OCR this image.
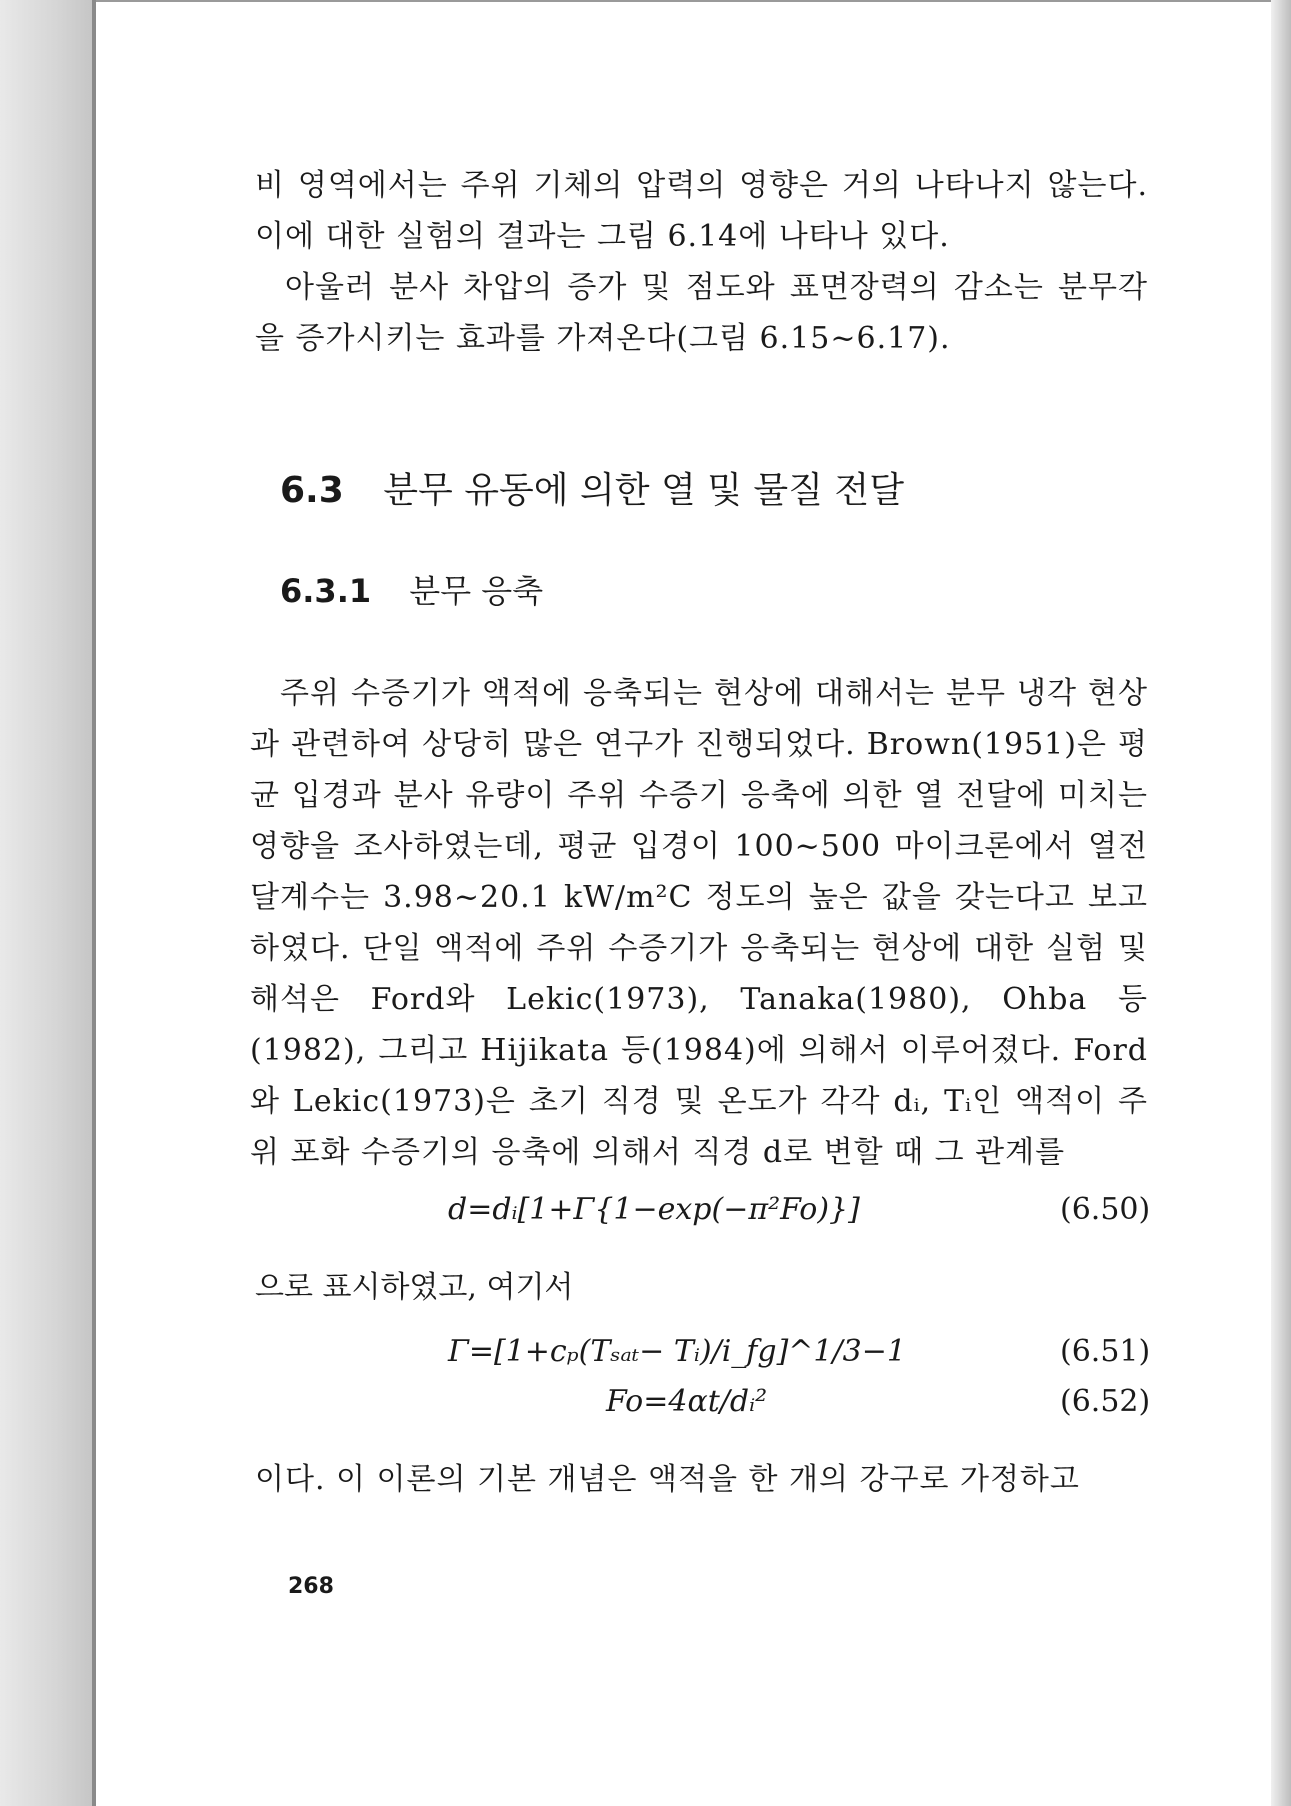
비 영역에서는 주위 기체의 압력의 영향은 거의 나타나지 않는다. 이에 대한 실험의 결과는 그림 6.14에 나타나 있다.

아울러 분사 차압의 증가 및 점도와 표면장력의 감소는 분무각을 증가시키는 효과를 가져온다(그림 6.15~6.17).

6.3 분무 유동에 의한 열 및 물질 전달
6.3.1 분무 응축

주위 수증기가 액적에 응축되는 현상에 대해서는 분무 냉각 현상과 관련하여 상당히 많은 연구가 진행되었다. Brown(1951)은 평균 입경과 분사 유량이 주위 수증기 응축에 의한 열 전달에 미치는 영향을 조사하였는데, 평균 입경이 100~500 마이크론에서 열전달계수는 3.98~20.1 kW/m²C 정도의 높은 값을 갖는다고 보고하였다. 단일 액적에 주위 수증기가 응축되는 현상에 대한 실험 및 해석은 Ford와 Lekic(1973), Tanaka(1980), Ohba 등(1982), 그리고 Hijikata 등(1984)에 의해서 이루어졌다. Ford와 Lekic(1973)은 초기 직경 및 온도가 각각 dᵢ, Tᵢ인 액적이 주위 포화 수증기의 응축에 의해서 직경 d로 변할 때 그 관계를

d=dᵢ[1+Γ{1−exp(−π²Fo)}]	(6.50)
으로 표시하였고, 여기서
Γ=[1+cₚ(Tₛₐₜ− Tᵢ)/i_fg]^1/3−1	(6.51)
Fo=4αt/dᵢ²	(6.52)
이다. 이 이론의 기본 개념은 액적을 한 개의 강구로 가정하고
268
